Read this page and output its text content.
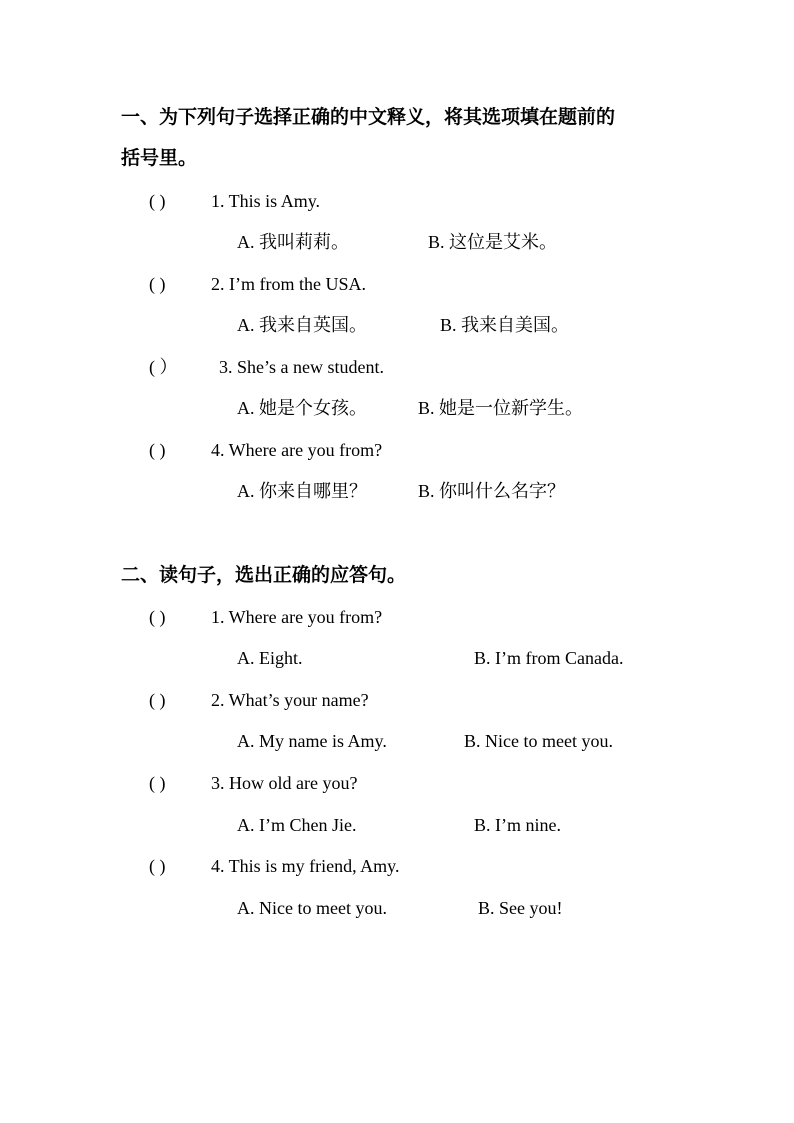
一、为下列句子选择正确的中文释义，将其选项填在题前的
括号里。
( )	1. This is Amy.
A. 我叫莉莉。	B. 这位是艾米。
( )	2. I’m from the USA.
A. 我来自英国。	B. 我来自美国。
( ） 3. She’s a new student.
A. 她是个女孩。	B. 她是一位新学生。
( )	4. Where are you from?
A. 你来自哪里？	B. 你叫什么名字？
二、读句子，选出正确的应答句。
( )	1. Where are you from?
A. Eight.	B. I’m from Canada.
( )	2. What’s your name?
A. My name is Amy.	B. Nice to meet you.
( )	3. How old are you?
A. I’m Chen Jie.	B. I’m nine.
( )	4. This is my friend, Amy.
A. Nice to meet you.	B. See you!
